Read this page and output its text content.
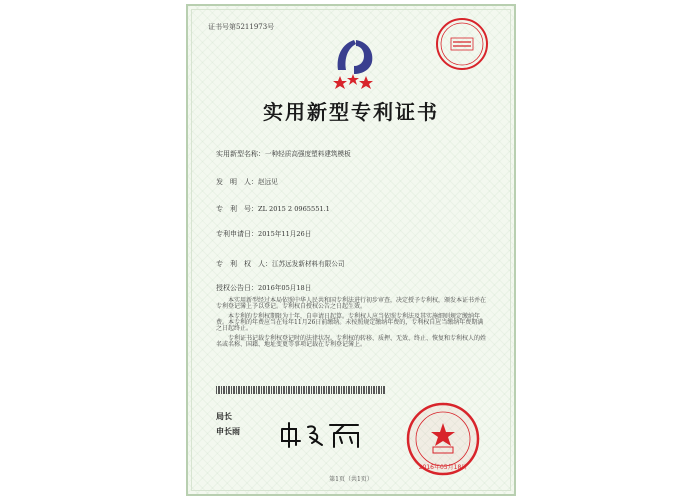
证书号第5211973号
实用新型专利证书
实用新型名称：一种轻质高强度塑料建筑模板
发　明　人：赵远见
专　利　号：ZL 2015 2 0965551.1
专利申请日：2015年11月26日
专　利　权　人：江苏远发新材料有限公司
授权公告日：2016年05月18日

本实用新型经过本局依照中华人民共和国专利法进行初步审查，决定授予专利权，颁发本证书并在专利登记簿上予以登记。专利权自授权公告之日起生效。

本专利的专利权期限为十年，自申请日起算。专利权人应当依照专利法及其实施细则规定缴纳年费。本专利的年费应当在每年11月26日前缴纳。未按照规定缴纳年费的，专利权自应当缴纳年费期满之日起终止。

专利证书记载专利权登记时的法律状况。专利权的转移、质押、无效、终止、恢复和专利权人的姓名或名称、国籍、地址变更等事项记载在专利登记簿上。

局长
申长雨
2016年05月18日
第1页（共1页）
